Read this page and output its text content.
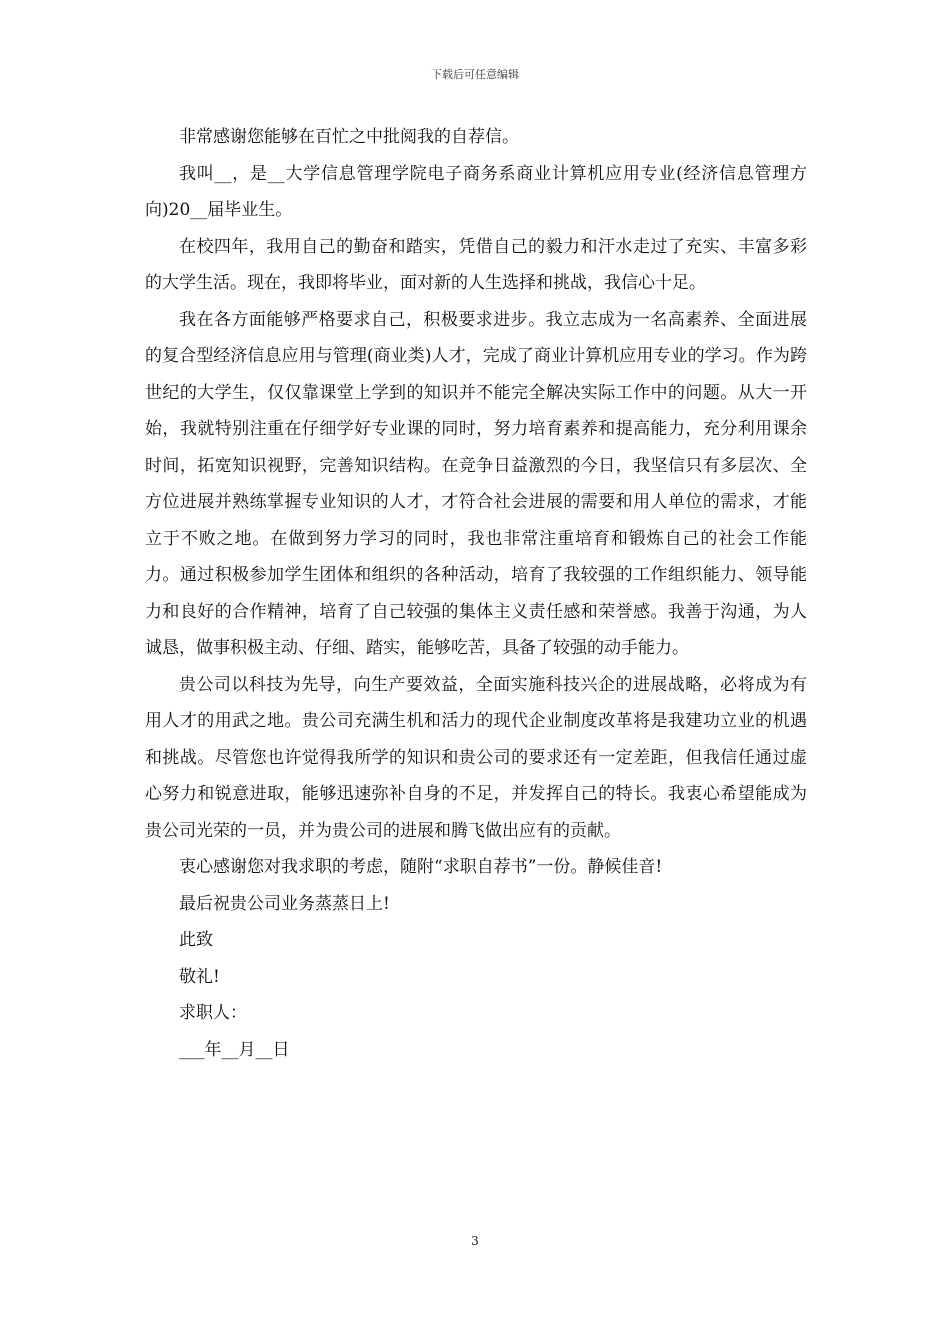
下载后可任意编辑

非常感谢您能够在百忙之中批阅我的自荐信。

我叫__，是__大学信息管理学院电子商务系商业计算机应用专业(经济信息管理方向)20__届毕业生。

在校四年，我用自己的勤奋和踏实，凭借自己的毅力和汗水走过了充实、丰富多彩的大学生活。现在，我即将毕业，面对新的人生选择和挑战，我信心十足。

我在各方面能够严格要求自己，积极要求进步。我立志成为一名高素养、全面进展的复合型经济信息应用与管理(商业类)人才，完成了商业计算机应用专业的学习。作为跨世纪的大学生，仅仅靠课堂上学到的知识并不能完全解决实际工作中的问题。从大一开始，我就特别注重在仔细学好专业课的同时，努力培育素养和提高能力，充分利用课余时间，拓宽知识视野，完善知识结构。在竞争日益激烈的今日，我坚信只有多层次、全方位进展并熟练掌握专业知识的人才，才符合社会进展的需要和用人单位的需求，才能立于不败之地。在做到努力学习的同时，我也非常注重培育和锻炼自己的社会工作能力。通过积极参加学生团体和组织的各种活动，培育了我较强的工作组织能力、领导能力和良好的合作精神，培育了自己较强的集体主义责任感和荣誉感。我善于沟通，为人诚恳，做事积极主动、仔细、踏实，能够吃苦，具备了较强的动手能力。

贵公司以科技为先导，向生产要效益，全面实施科技兴企的进展战略，必将成为有用人才的用武之地。贵公司充满生机和活力的现代企业制度改革将是我建功立业的机遇和挑战。尽管您也许觉得我所学的知识和贵公司的要求还有一定差距，但我信任通过虚心努力和锐意进取，能够迅速弥补自身的不足，并发挥自己的特长。我衷心希望能成为贵公司光荣的一员，并为贵公司的进展和腾飞做出应有的贡献。

衷心感谢您对我求职的考虑，随附“求职自荐书”一份。静候佳音!

最后祝贵公司业务蒸蒸日上!

此致

敬礼!

求职人：

___年__月__日

3
